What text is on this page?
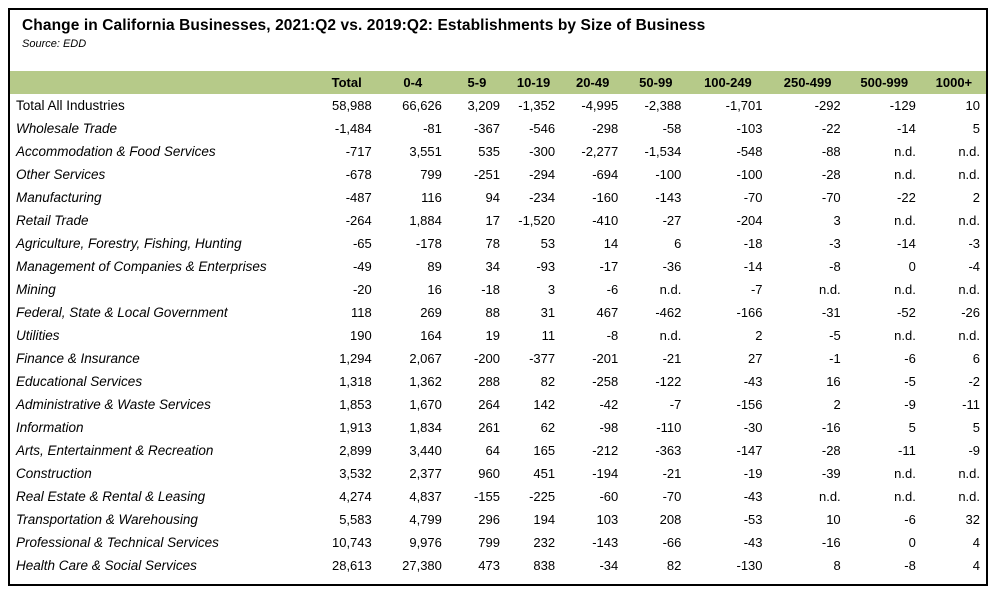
Change in California Businesses, 2021:Q2 vs. 2019:Q2: Establishments by Size of Business
Source: EDD
	Total	0-4	5-9	10-19	20-49	50-99	100-249	250-499	500-999	1000+
Total All Industries	58,988	66,626	3,209	-1,352	-4,995	-2,388	-1,701	-292	-129	10
Wholesale Trade	-1,484	-81	-367	-546	-298	-58	-103	-22	-14	5
Accommodation & Food Services	-717	3,551	535	-300	-2,277	-1,534	-548	-88	n.d.	n.d.
Other Services	-678	799	-251	-294	-694	-100	-100	-28	n.d.	n.d.
Manufacturing	-487	116	94	-234	-160	-143	-70	-70	-22	2
Retail Trade	-264	1,884	17	-1,520	-410	-27	-204	3	n.d.	n.d.
Agriculture, Forestry, Fishing, Hunting	-65	-178	78	53	14	6	-18	-3	-14	-3
Management of Companies & Enterprises	-49	89	34	-93	-17	-36	-14	-8	0	-4
Mining	-20	16	-18	3	-6	n.d.	-7	n.d.	n.d.	n.d.
Federal, State & Local Government	118	269	88	31	467	-462	-166	-31	-52	-26
Utilities	190	164	19	11	-8	n.d.	2	-5	n.d.	n.d.
Finance & Insurance	1,294	2,067	-200	-377	-201	-21	27	-1	-6	6
Educational Services	1,318	1,362	288	82	-258	-122	-43	16	-5	-2
Administrative & Waste Services	1,853	1,670	264	142	-42	-7	-156	2	-9	-11
Information	1,913	1,834	261	62	-98	-110	-30	-16	5	5
Arts, Entertainment & Recreation	2,899	3,440	64	165	-212	-363	-147	-28	-11	-9
Construction	3,532	2,377	960	451	-194	-21	-19	-39	n.d.	n.d.
Real Estate & Rental & Leasing	4,274	4,837	-155	-225	-60	-70	-43	n.d.	n.d.	n.d.
Transportation & Warehousing	5,583	4,799	296	194	103	208	-53	10	-6	32
Professional & Technical Services	10,743	9,976	799	232	-143	-66	-43	-16	0	4
Health Care & Social Services	28,613	27,380	473	838	-34	82	-130	8	-8	4
